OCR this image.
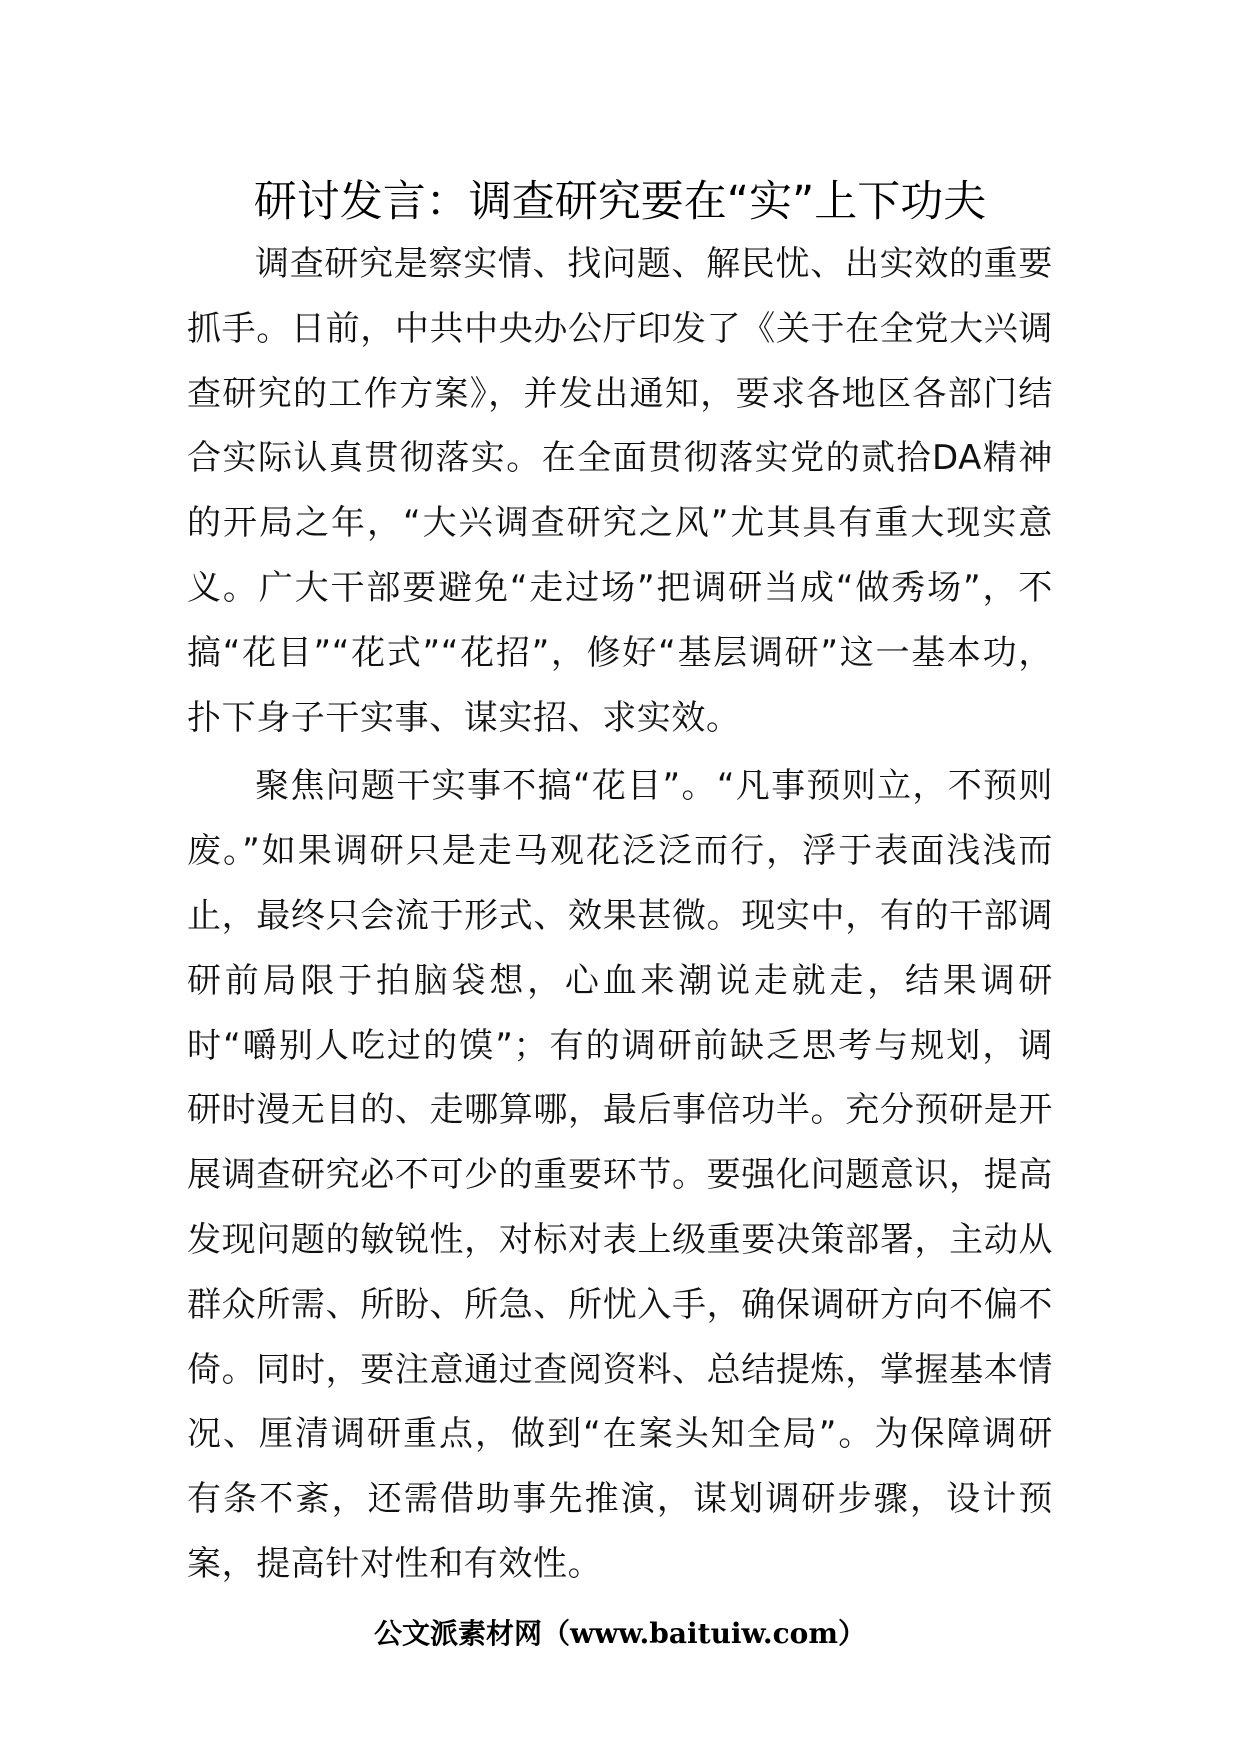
研讨发言：调查研究要在“实”上下功夫

调查研究是察实情、找问题、解民忧、出实效的重要抓手。日前，中共中央办公厅印发了《关于在全党大兴调查研究的工作方案》，并发出通知，要求各地区各部门结合实际认真贯彻落实。在全面贯彻落实党的贰拾DA精神的开局之年，“大兴调查研究之风”尤其具有重大现实意义。广大干部要避免“走过场”把调研当成“做秀场”，不搞“花目”“花式”“花招”，修好“基层调研”这一基本功，扑下身子干实事、谋实招、求实效。

聚焦问题干实事不搞“花目”。“凡事预则立，不预则废。”如果调研只是走马观花泛泛而行，浮于表面浅浅而止，最终只会流于形式、效果甚微。现实中，有的干部调研前局限于拍脑袋想，心血来潮说走就走，结果调研时“嚼别人吃过的馍”；有的调研前缺乏思考与规划，调研时漫无目的、走哪算哪，最后事倍功半。充分预研是开展调查研究必不可少的重要环节。要强化问题意识，提高发现问题的敏锐性，对标对表上级重要决策部署，主动从群众所需、所盼、所急、所忧入手，确保调研方向不偏不倚。同时，要注意通过查阅资料、总结提炼，掌握基本情况、厘清调研重点，做到“在案头知全局”。为保障调研有条不紊，还需借助事先推演，谋划调研步骤，设计预案，提高针对性和有效性。

公文派素材网（www.baituiw.com）
